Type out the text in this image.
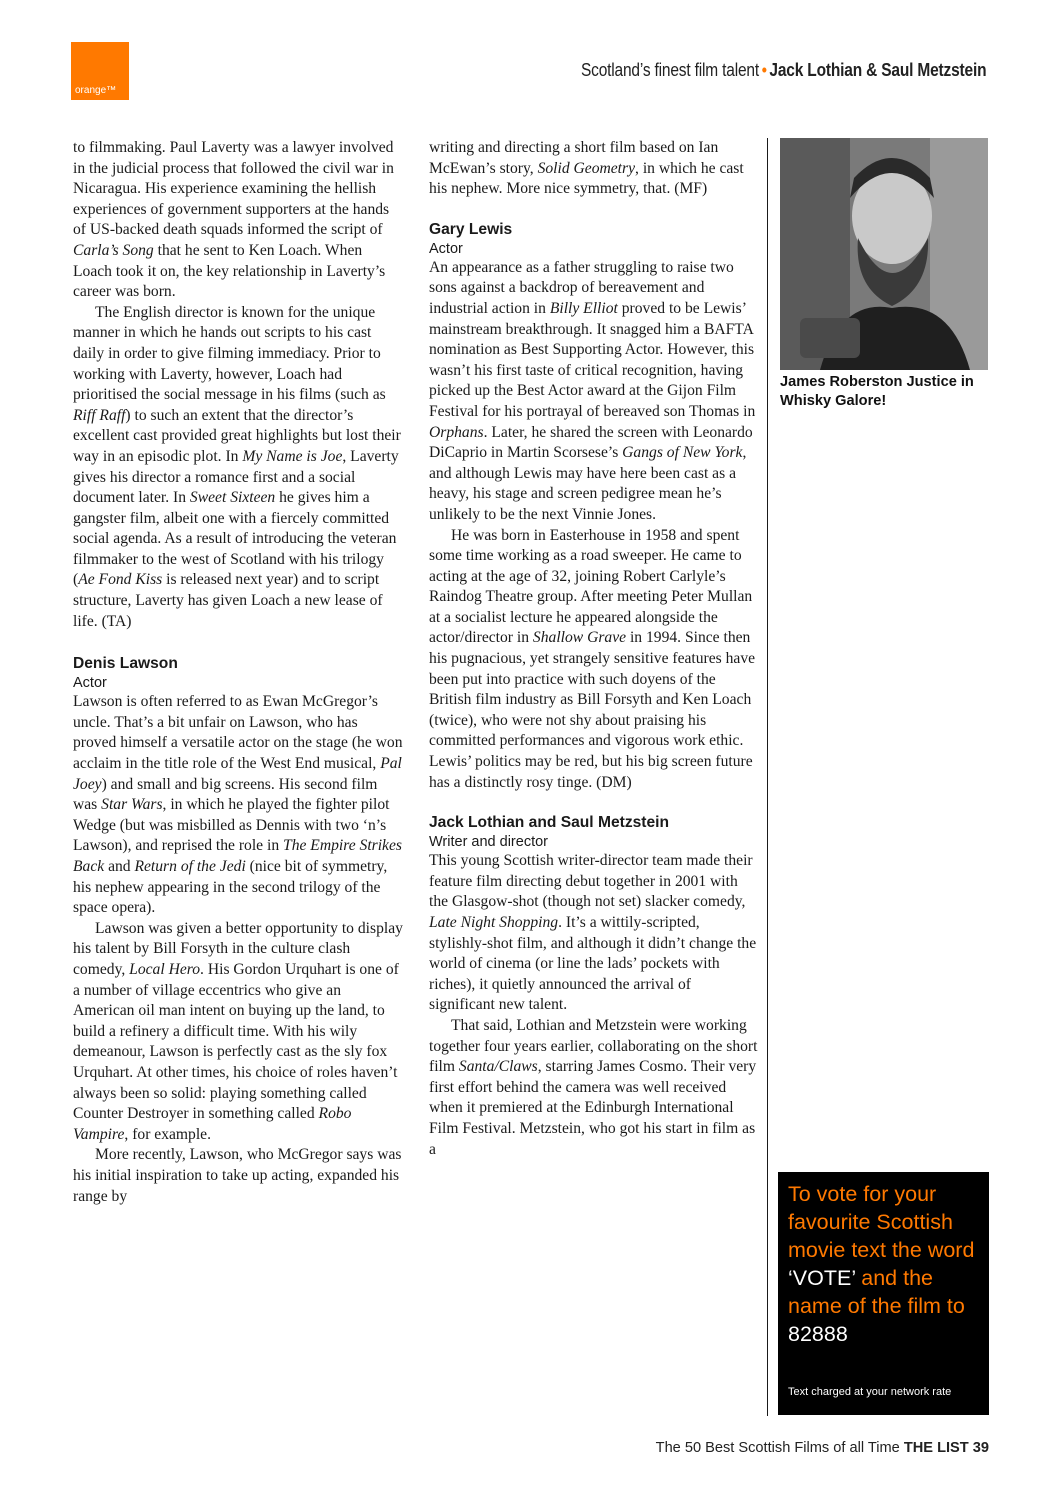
orange™
Scotland’s finest film talent • Jack Lothian & Saul Metzstein

to filmmaking. Paul Laverty was a lawyer involved in the judicial process that followed the civil war in Nicaragua. His experience examining the hellish experiences of government supporters at the hands of US-backed death squads informed the script of Carla’s Song that he sent to Ken Loach. When Loach took it on, the key relationship in Laverty’s career was born.

The English director is known for the unique manner in which he hands out scripts to his cast daily in order to give filming immediacy. Prior to working with Laverty, however, Loach had prioritised the social message in his films (such as Riff Raff) to such an extent that the director’s excellent cast provided great highlights but lost their way in an episodic plot. In My Name is Joe, Laverty gives his director a romance first and a social document later. In Sweet Sixteen he gives him a gangster film, albeit one with a fiercely committed social agenda. As a result of introducing the veteran filmmaker to the west of Scotland with his trilogy (Ae Fond Kiss is released next year) and to script structure, Laverty has given Loach a new lease of life. (TA)

Denis Lawson
Actor

Lawson is often referred to as Ewan McGregor’s uncle. That’s a bit unfair on Lawson, who has proved himself a versatile actor on the stage (he won acclaim in the title role of the West End musical, Pal Joey) and small and big screens. His second film was Star Wars, in which he played the fighter pilot Wedge (but was misbilled as Dennis with two ‘n’s Lawson), and reprised the role in The Empire Strikes Back and Return of the Jedi (nice bit of symmetry, his nephew appearing in the second trilogy of the space opera).

Lawson was given a better opportunity to display his talent by Bill Forsyth in the culture clash comedy, Local Hero. His Gordon Urquhart is one of a number of village eccentrics who give an American oil man intent on buying up the land, to build a refinery a difficult time. With his wily demeanour, Lawson is perfectly cast as the sly fox Urquhart. At other times, his choice of roles haven’t always been so solid: playing something called Counter Destroyer in something called Robo Vampire, for example.

More recently, Lawson, who McGregor says was his initial inspiration to take up acting, expanded his range by

writing and directing a short film based on Ian McEwan’s story, Solid Geometry, in which he cast his nephew. More nice symmetry, that. (MF)

Gary Lewis
Actor

An appearance as a father struggling to raise two sons against a backdrop of bereavement and industrial action in Billy Elliot proved to be Lewis’ mainstream breakthrough. It snagged him a BAFTA nomination as Best Supporting Actor. However, this wasn’t his first taste of critical recognition, having picked up the Best Actor award at the Gijon Film Festival for his portrayal of bereaved son Thomas in Orphans. Later, he shared the screen with Leonardo DiCaprio in Martin Scorsese’s Gangs of New York, and although Lewis may have here been cast as a heavy, his stage and screen pedigree mean he’s unlikely to be the next Vinnie Jones.

He was born in Easterhouse in 1958 and spent some time working as a road sweeper. He came to acting at the age of 32, joining Robert Carlyle’s Raindog Theatre group. After meeting Peter Mullan at a socialist lecture he appeared alongside the actor/director in Shallow Grave in 1994. Since then his pugnacious, yet strangely sensitive features have been put into practice with such doyens of the British film industry as Bill Forsyth and Ken Loach (twice), who were not shy about praising his committed performances and vigorous work ethic. Lewis’ politics may be red, but his big screen future has a distinctly rosy tinge. (DM)

Jack Lothian and Saul Metzstein
Writer and director

This young Scottish writer-director team made their feature film directing debut together in 2001 with the Glasgow-shot (though not set) slacker comedy, Late Night Shopping. It’s a wittily-scripted, stylishly-shot film, and although it didn’t change the world of cinema (or line the lads’ pockets with riches), it quietly announced the arrival of significant new talent.

That said, Lothian and Metzstein were working together four years earlier, collaborating on the short film Santa/Claws, starring James Cosmo. Their very first effort behind the camera was well received when it premiered at the Edinburgh International Film Festival. Metzstein, who got his start in film as a

James Roberston Justice in Whisky Galore!
To vote for your favourite Scottish movie text the word ‘VOTE’ and the name of the film to 82888
Text charged at your network rate
The 50 Best Scottish Films of all Time THE LIST 39
